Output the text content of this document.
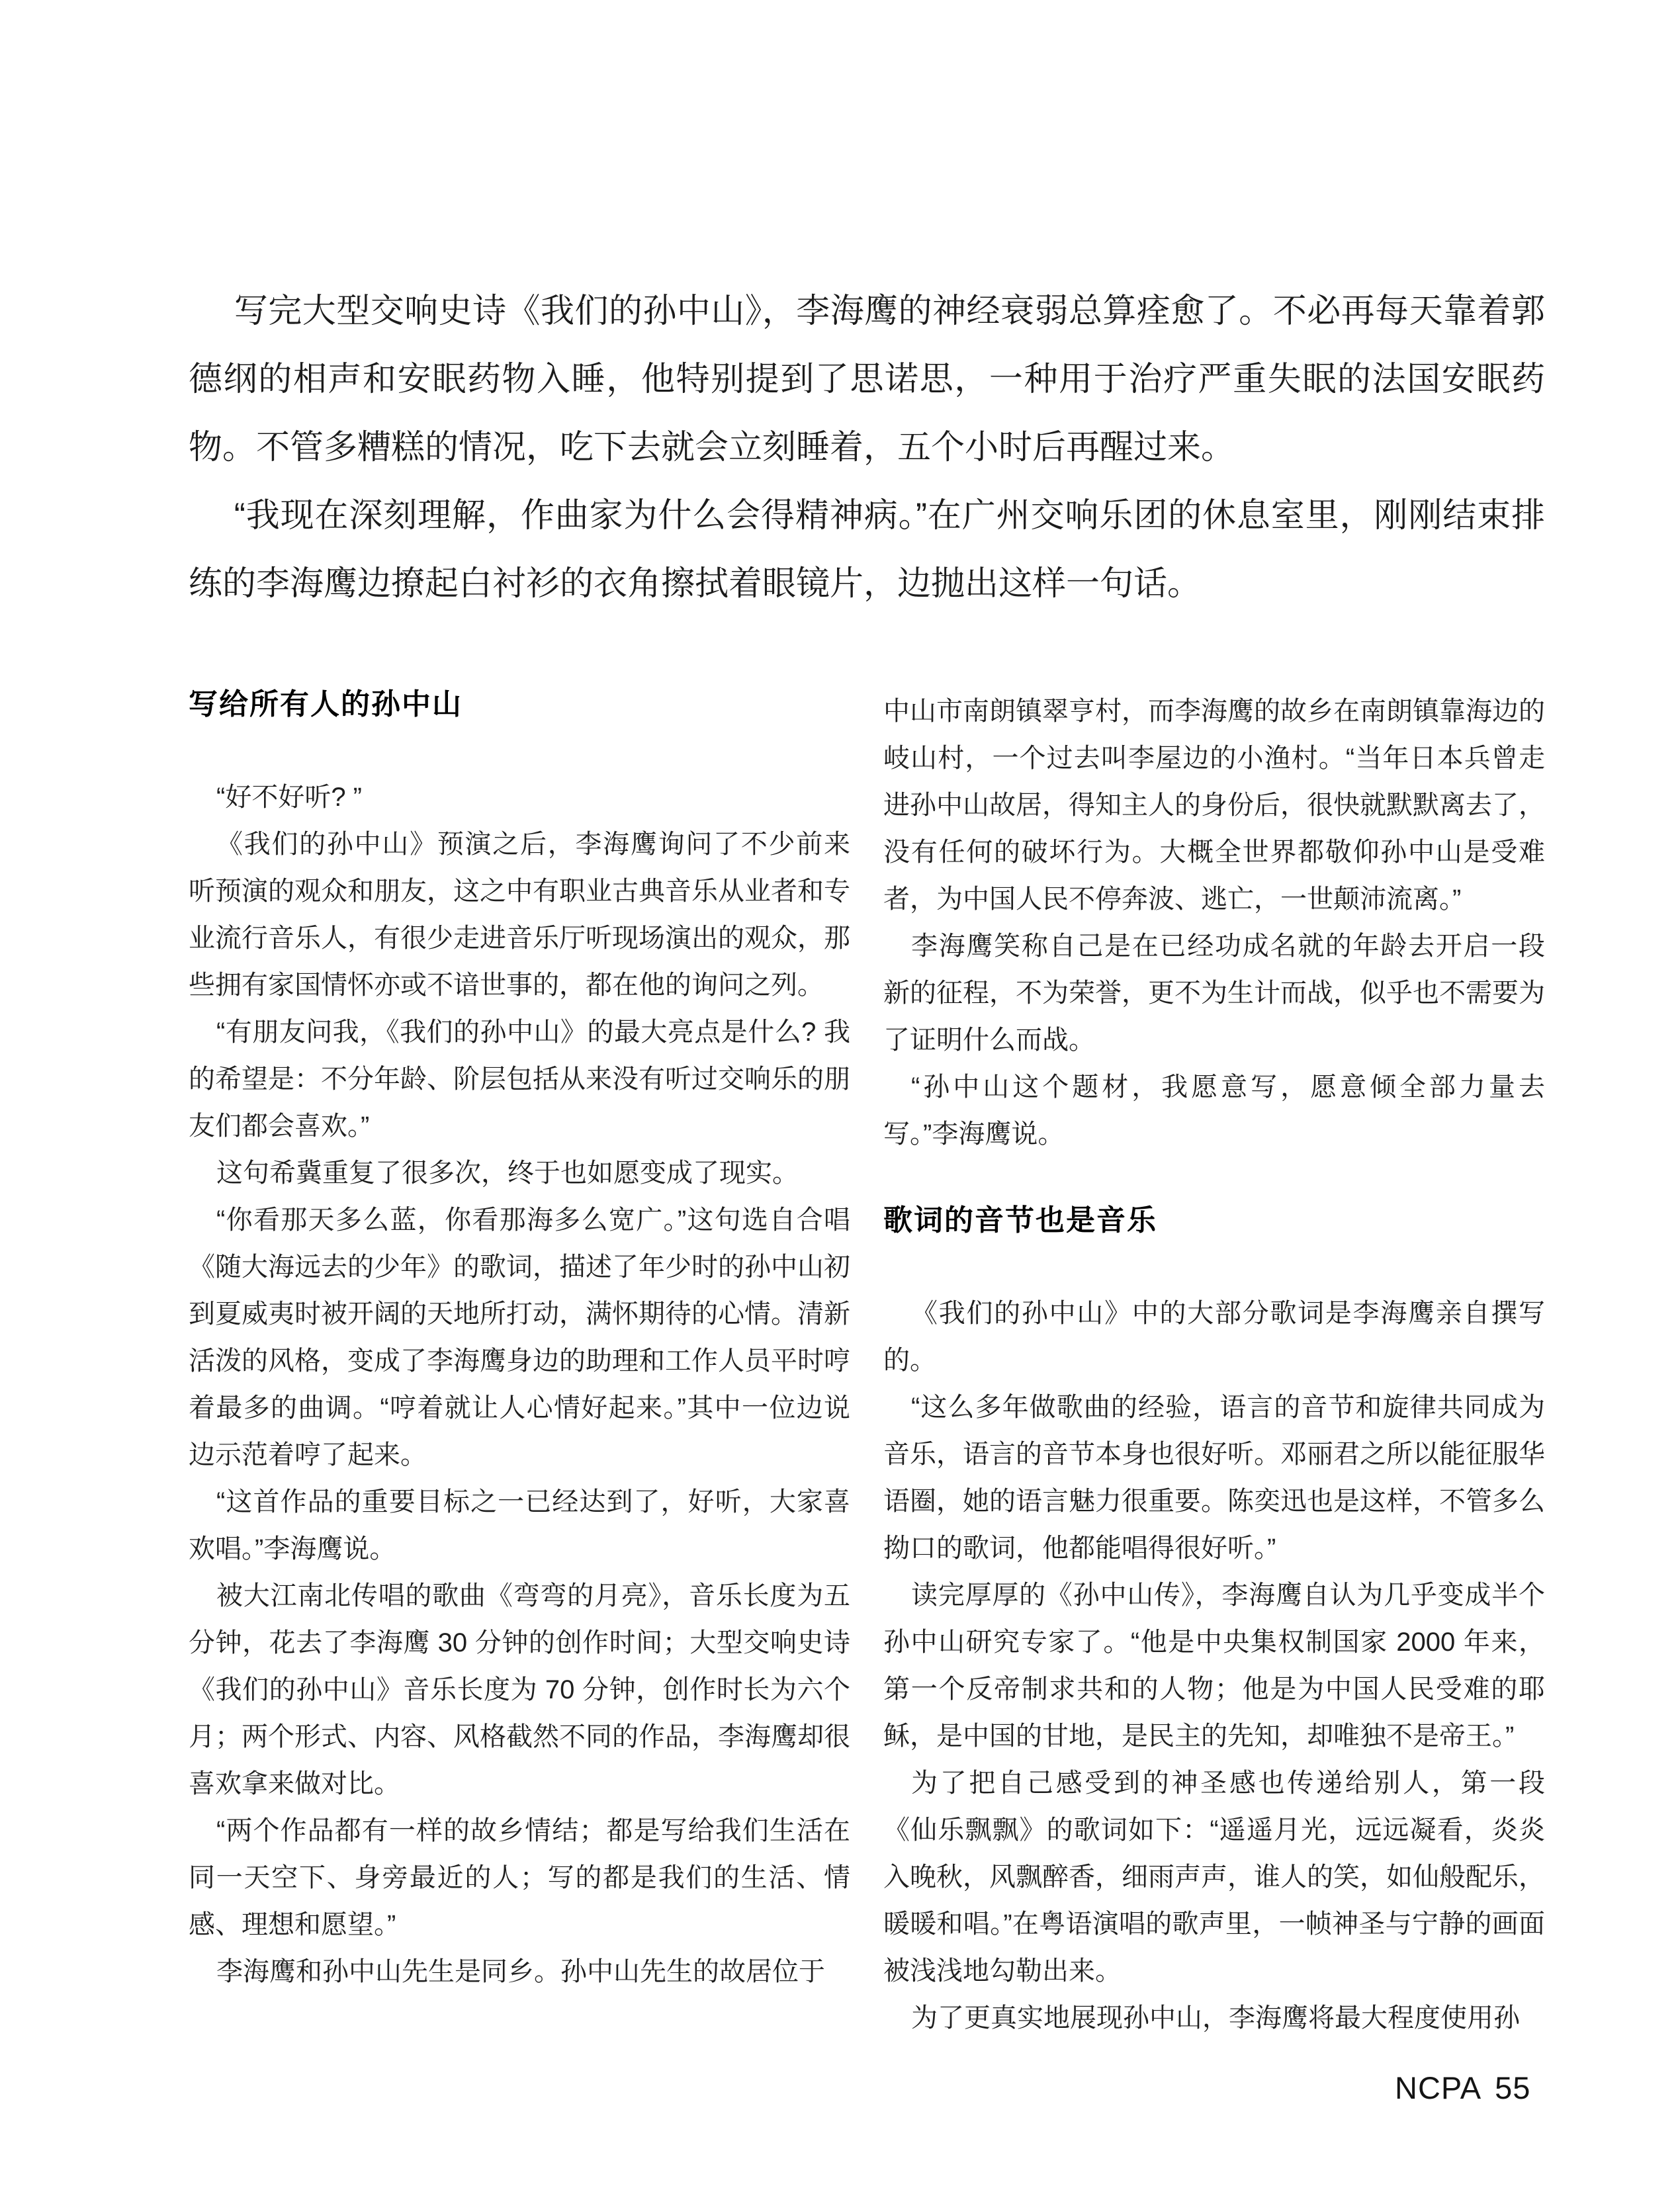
写完大型交响史诗《我们的孙中山》，李海鹰的神经衰弱总算痊愈了。不必再每天靠着郭德纲的相声和安眠药物入睡，他特别提到了思诺思，一种用于治疗严重失眠的法国安眠药物。不管多糟糕的情况，吃下去就会立刻睡着，五个小时后再醒过来。

“我现在深刻理解，作曲家为什么会得精神病。”在广州交响乐团的休息室里，刚刚结束排练的李海鹰边撩起白衬衫的衣角擦拭着眼镜片，边抛出这样一句话。

写给所有人的孙中山

“好不好听? ”

《我们的孙中山》预演之后，李海鹰询问了不少前来听预演的观众和朋友，这之中有职业古典音乐从业者和专业流行音乐人，有很少走进音乐厅听现场演出的观众，那些拥有家国情怀亦或不谙世事的，都在他的询问之列。

“有朋友问我，《我们的孙中山》的最大亮点是什么? 我的希望是：不分年龄、阶层包括从来没有听过交响乐的朋友们都会喜欢。”

这句希冀重复了很多次，终于也如愿变成了现实。

“你看那天多么蓝，你看那海多么宽广。”这句选自合唱《随大海远去的少年》的歌词，描述了年少时的孙中山初到夏威夷时被开阔的天地所打动，满怀期待的心情。清新活泼的风格，变成了李海鹰身边的助理和工作人员平时哼着最多的曲调。“哼着就让人心情好起来。”其中一位边说边示范着哼了起来。

“这首作品的重要目标之一已经达到了，好听，大家喜欢唱。”李海鹰说。

被大江南北传唱的歌曲《弯弯的月亮》，音乐长度为五分钟，花去了李海鹰 30 分钟的创作时间；大型交响史诗《我们的孙中山》音乐长度为 70 分钟，创作时长为六个月；两个形式、内容、风格截然不同的作品，李海鹰却很喜欢拿来做对比。

“两个作品都有一样的故乡情结；都是写给我们生活在同一天空下、身旁最近的人；写的都是我们的生活、情感、理想和愿望。”

李海鹰和孙中山先生是同乡。孙中山先生的故居位于

中山市南朗镇翠亨村，而李海鹰的故乡在南朗镇靠海边的岐山村，一个过去叫李屋边的小渔村。“当年日本兵曾走进孙中山故居，得知主人的身份后，很快就默默离去了，没有任何的破坏行为。大概全世界都敬仰孙中山是受难者，为中国人民不停奔波、逃亡，一世颠沛流离。”

李海鹰笑称自己是在已经功成名就的年龄去开启一段新的征程，不为荣誉，更不为生计而战，似乎也不需要为了证明什么而战。

“孙中山这个题材，我愿意写，愿意倾全部力量去写。”李海鹰说。

歌词的音节也是音乐

《我们的孙中山》中的大部分歌词是李海鹰亲自撰写的。

“这么多年做歌曲的经验，语言的音节和旋律共同成为音乐，语言的音节本身也很好听。邓丽君之所以能征服华语圈，她的语言魅力很重要。陈奕迅也是这样，不管多么拗口的歌词，他都能唱得很好听。”

读完厚厚的《孙中山传》，李海鹰自认为几乎变成半个孙中山研究专家了。“他是中央集权制国家 2000 年来，第一个反帝制求共和的人物；他是为中国人民受难的耶稣，是中国的甘地，是民主的先知，却唯独不是帝王。”

为了把自己感受到的神圣感也传递给别人，第一段《仙乐飘飘》的歌词如下：“遥遥月光，远远凝看，炎炎入晚秋，风飘醉香，细雨声声，谁人的笑，如仙般配乐，暖暖和唱。”在粤语演唱的歌声里，一帧神圣与宁静的画面被浅浅地勾勒出来。

为了更真实地展现孙中山，李海鹰将最大程度使用孙

NCPA 55
